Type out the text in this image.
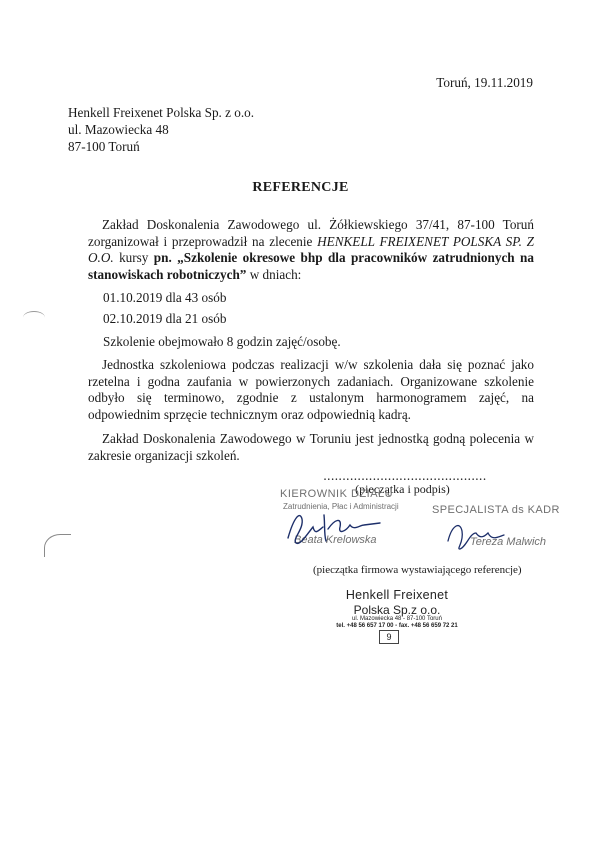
Toruń, 19.11.2019
Henkell Freixenet Polska Sp. z o.o.
ul. Mazowiecka 48
87-100 Toruń
REFERENCJE
Zakład Doskonalenia Zawodowego ul. Żółkiewskiego 37/41, 87-100 Toruń zorganizował i przeprowadził na zlecenie HENKELL FREIXENET POLSKA SP. Z O.O. kursy pn. „Szkolenie okresowe bhp dla pracowników zatrudnionych na stanowiskach robotniczych” w dniach:
01.10.2019 dla 43 osób
02.10.2019 dla 21 osób
Szkolenie obejmowało 8 godzin zajęć/osobę.
Jednostka szkoleniowa podczas realizacji w/w szkolenia dała się poznać jako rzetelna i godna zaufania w powierzonych zadaniach. Organizowane szkolenie odbyło się terminowo, zgodnie z ustalonym harmonogramem zajęć, na odpowiednim sprzęcie technicznym oraz odpowiednią kadrą.
Zakład Doskonalenia Zawodowego w Toruniu jest jednostką godną polecenia w zakresie organizacji szkoleń.
...........................................
(pieczątka i podpis)
KIEROWNIK DZIAŁU
Zatrudnienia, Płac i Administracji
Beata Krelowska
SPECJALISTA ds KADR
Tereza Malwich
(pieczątka firmowa wystawiającego referencje)
Henkell Freixenet
Polska Sp.z o.o.
ul. Mazowiecka 48 - 87-100 Toruń
tel. +48 56 657 17 00 - fax. +48 56 659 72 21
9
